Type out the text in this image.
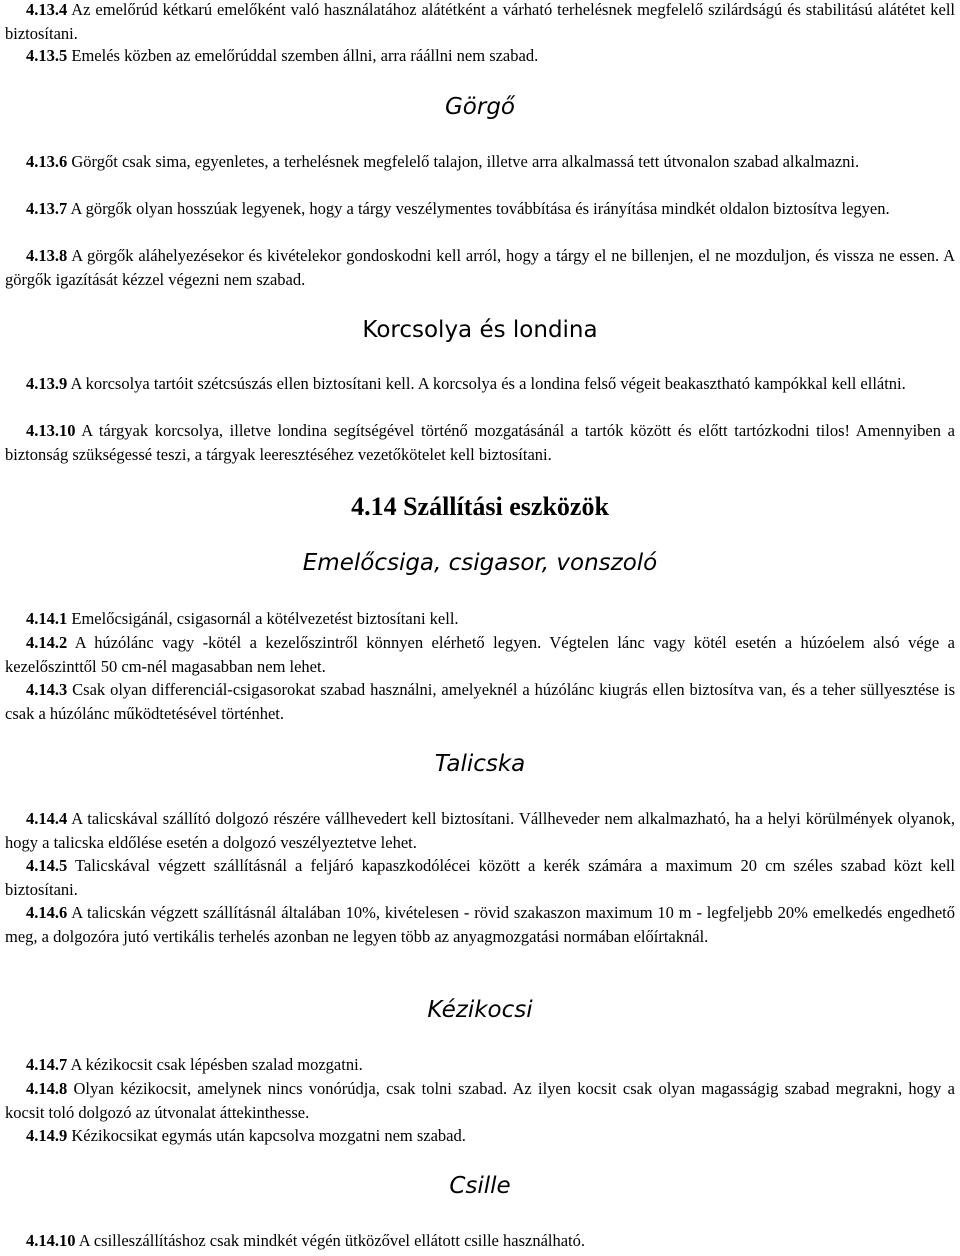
4.13.4 Az emelőrúd kétkarú emelőként való használatához alátétként a várható terhelésnek megfelelő szilárdságú és stabilitású alátétet kell biztosítani.

4.13.5 Emelés közben az emelőrúddal szemben állni, arra ráállni nem szabad.

Görgő

4.13.6 Görgőt csak sima, egyenletes, a terhelésnek megfelelő talajon, illetve arra alkalmassá tett útvonalon szabad alkalmazni.

4.13.7 A görgők olyan hosszúak legyenek, hogy a tárgy veszélymentes továbbítása és irányítása mindkét oldalon biztosítva legyen.

4.13.8 A görgők aláhelyezésekor és kivételekor gondoskodni kell arról, hogy a tárgy el ne billenjen, el ne mozduljon, és vissza ne essen. A görgők igazítását kézzel végezni nem szabad.

Korcsolya és londina

4.13.9 A korcsolya tartóit szétcsúszás ellen biztosítani kell. A korcsolya és a londina felső végeit beakasztható kampókkal kell ellátni.

4.13.10 A tárgyak korcsolya, illetve londina segítségével történő mozgatásánál a tartók között és előtt tartózkodni tilos! Amennyiben a biztonság szükségessé teszi, a tárgyak leeresztéséhez vezetőkötelet kell biztosítani.

4.14 Szállítási eszközök
Emelőcsiga, csigasor, vonszoló

4.14.1 Emelőcsigánál, csigasornál a kötélvezetést biztosítani kell.

4.14.2 A húzólánc vagy -kötél a kezelőszintről könnyen elérhető legyen. Végtelen lánc vagy kötél esetén a húzóelem alsó vége a kezelőszinttől 50 cm-nél magasabban nem lehet.

4.14.3 Csak olyan differenciál-csigasorokat szabad használni, amelyeknél a húzólánc kiugrás ellen biztosítva van, és a teher süllyesztése is csak a húzólánc működtetésével történhet.

Talicska

4.14.4 A talicskával szállító dolgozó részére vállhevedert kell biztosítani. Vállheveder nem alkalmazható, ha a helyi körülmények olyanok, hogy a talicska eldőlése esetén a dolgozó veszélyeztetve lehet.

4.14.5 Talicskával végzett szállításnál a feljáró kapaszkodólécei között a kerék számára a maximum 20 cm széles szabad közt kell biztosítani.

4.14.6 A talicskán végzett szállításnál általában 10%, kivételesen - rövid szakaszon maximum 10 m - legfeljebb 20% emelkedés engedhető meg, a dolgozóra jutó vertikális terhelés azonban ne legyen több az anyagmozgatási normában előírtaknál.

Kézikocsi

4.14.7 A kézikocsit csak lépésben szalad mozgatni.

4.14.8 Olyan kézikocsit, amelynek nincs vonórúdja, csak tolni szabad. Az ilyen kocsit csak olyan magasságig szabad megrakni, hogy a kocsit toló dolgozó az útvonalat áttekinthesse.

4.14.9 Kézikocsikat egymás után kapcsolva mozgatni nem szabad.

Csille

4.14.10 A csilleszállításhoz csak mindkét végén ütközővel ellátott csille használható.
